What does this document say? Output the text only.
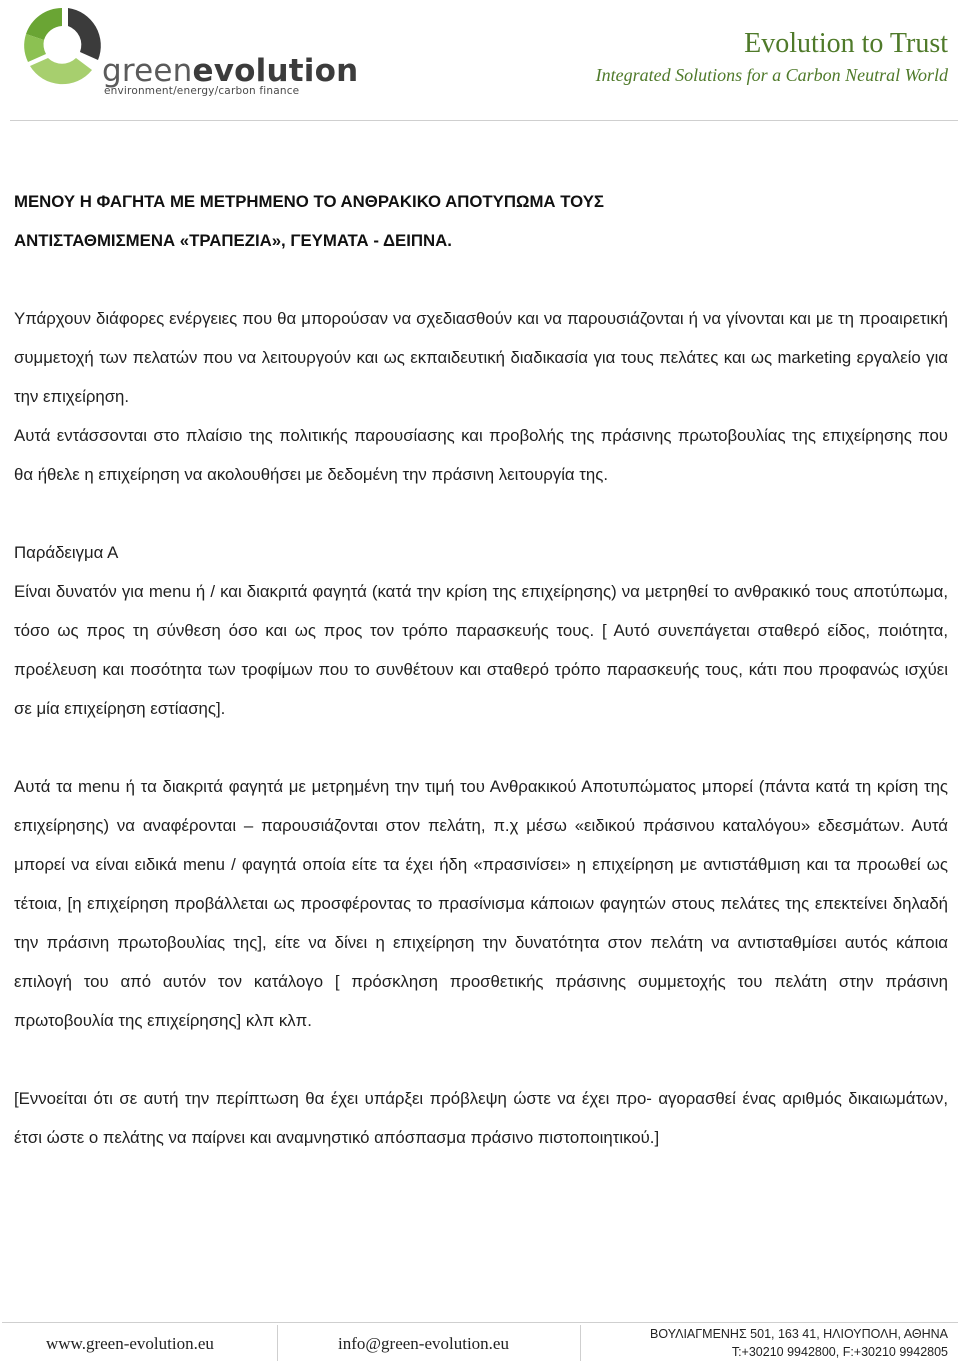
greenevolution
environment/energy/carbon finance
Evolution to Trust
Integrated Solutions for a Carbon Neutral World

ΜΕΝΟΥ Η ΦΑΓΗΤΑ ΜΕ ΜΕΤΡΗΜΕΝΟ ΤΟ ΑΝΘΡΑΚΙΚΟ ΑΠΟΤΥΠΩΜΑ ΤΟΥΣ

ΑΝΤΙΣΤΑΘΜΙΣΜΕΝΑ «ΤΡΑΠΕΖΙΑ», ΓΕΥΜΑΤΑ - ΔΕΙΠΝΑ.

Υπάρχουν διάφορες ενέργειες που θα μπορούσαν να σχεδιασθούν και να παρουσιάζονται ή να γίνονται και με τη προαιρετική συμμετοχή των πελατών που να λειτουργούν και ως εκπαιδευτική διαδικασία για τους πελάτες και ως marketing εργαλείο για την επιχείρηση.

Αυτά εντάσσονται στο πλαίσιο της πολιτικής παρουσίασης και προβολής της πράσινης πρωτοβουλίας της επιχείρησης που θα ήθελε η επιχείρηση να ακολουθήσει με δεδομένη την πράσινη λειτουργία της.

Παράδειγμα Α

Είναι δυνατόν για menu ή / και διακριτά φαγητά (κατά την κρίση της επιχείρησης) να μετρηθεί το ανθρακικό τους αποτύπωμα, τόσο ως προς τη σύνθεση όσο και ως προς τον τρόπο παρασκευής τους. [ Αυτό συνεπάγεται σταθερό είδος, ποιότητα, προέλευση και ποσότητα των τροφίμων που το συνθέτουν και σταθερό τρόπο παρασκευής τους, κάτι που προφανώς ισχύει σε μία επιχείρηση εστίασης].

Αυτά τα menu ή τα διακριτά φαγητά με μετρημένη την τιμή του Ανθρακικού Αποτυπώματος μπορεί (πάντα κατά τη κρίση της επιχείρησης) να αναφέρονται – παρουσιάζονται στον πελάτη, π.χ μέσω «ειδικού πράσινου καταλόγου» εδεσμάτων. Αυτά μπορεί να είναι ειδικά menu / φαγητά οποία είτε τα έχει ήδη «πρασινίσει» η επιχείρηση με αντιστάθμιση και τα προωθεί ως τέτοια, [η επιχείρηση προβάλλεται ως προσφέροντας το πρασίνισμα κάποιων φαγητών στους πελάτες της επεκτείνει δηλαδή την πράσινη πρωτοβουλίας της], είτε να δίνει η επιχείρηση την δυνατότητα στον πελάτη να αντισταθμίσει αυτός κάποια επιλογή του από αυτόν τον κατάλογο [ πρόσκληση προσθετικής πράσινης συμμετοχής του πελάτη στην πράσινη πρωτοβουλία της επιχείρησης] κλπ κλπ.

[Εννοείται ότι σε αυτή την περίπτωση θα έχει υπάρξει πρόβλεψη ώστε να έχει προ- αγορασθεί ένας αριθμός δικαιωμάτων, έτσι ώστε ο πελάτης να παίρνει και αναμνηστικό απόσπασμα πράσινο πιστοποιητικού.]

www.green-evolution.eu	info@green-evolution.eu	ΒΟΥΛΙΑΓΜΕΝΗΣ 501, 163 41, ΗΛΙΟΥΠΟΛΗ, ΑΘΗΝΑ
T:+30210 9942800, F:+30210 9942805
